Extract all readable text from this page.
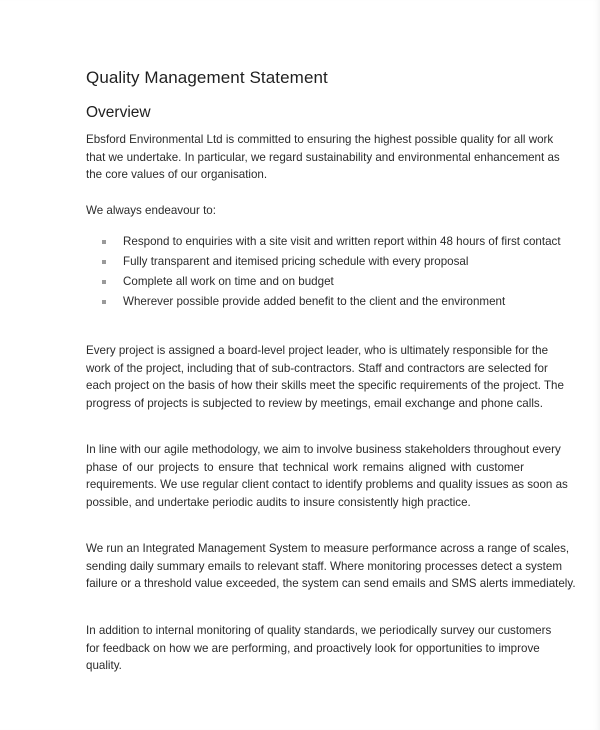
Quality Management Statement
Overview

Ebsford Environmental Ltd is committed to ensuring the highest possible quality for all work
that we undertake. In particular, we regard sustainability and environmental enhancement as
the core values of our organisation.

We always endeavour to:
Respond to enquiries with a site visit and written report within 48 hours of first contact
Fully transparent and itemised pricing schedule with every proposal
Complete all work on time and on budget
Wherever possible provide added benefit to the client and the environment

Every project is assigned a board-level project leader, who is ultimately responsible for the
work of the project, including that of sub-contractors. Staff and contractors are selected for
each project on the basis of how their skills meet the specific requirements of the project. The
progress of projects is subjected to review by meetings, email exchange and phone calls.

In line with our agile methodology, we aim to involve business stakeholders throughout every
phase of our projects to ensure that technical work remains aligned with customer
requirements. We use regular client contact to identify problems and quality issues as soon as
possible, and undertake periodic audits to insure consistently high practice.

We run an Integrated Management System to measure performance across a range of scales,
sending daily summary emails to relevant staff. Where monitoring processes detect a system
failure or a threshold value exceeded, the system can send emails and SMS alerts immediately.

In addition to internal monitoring of quality standards, we periodically survey our customers
for feedback on how we are performing, and proactively look for opportunities to improve
quality.
